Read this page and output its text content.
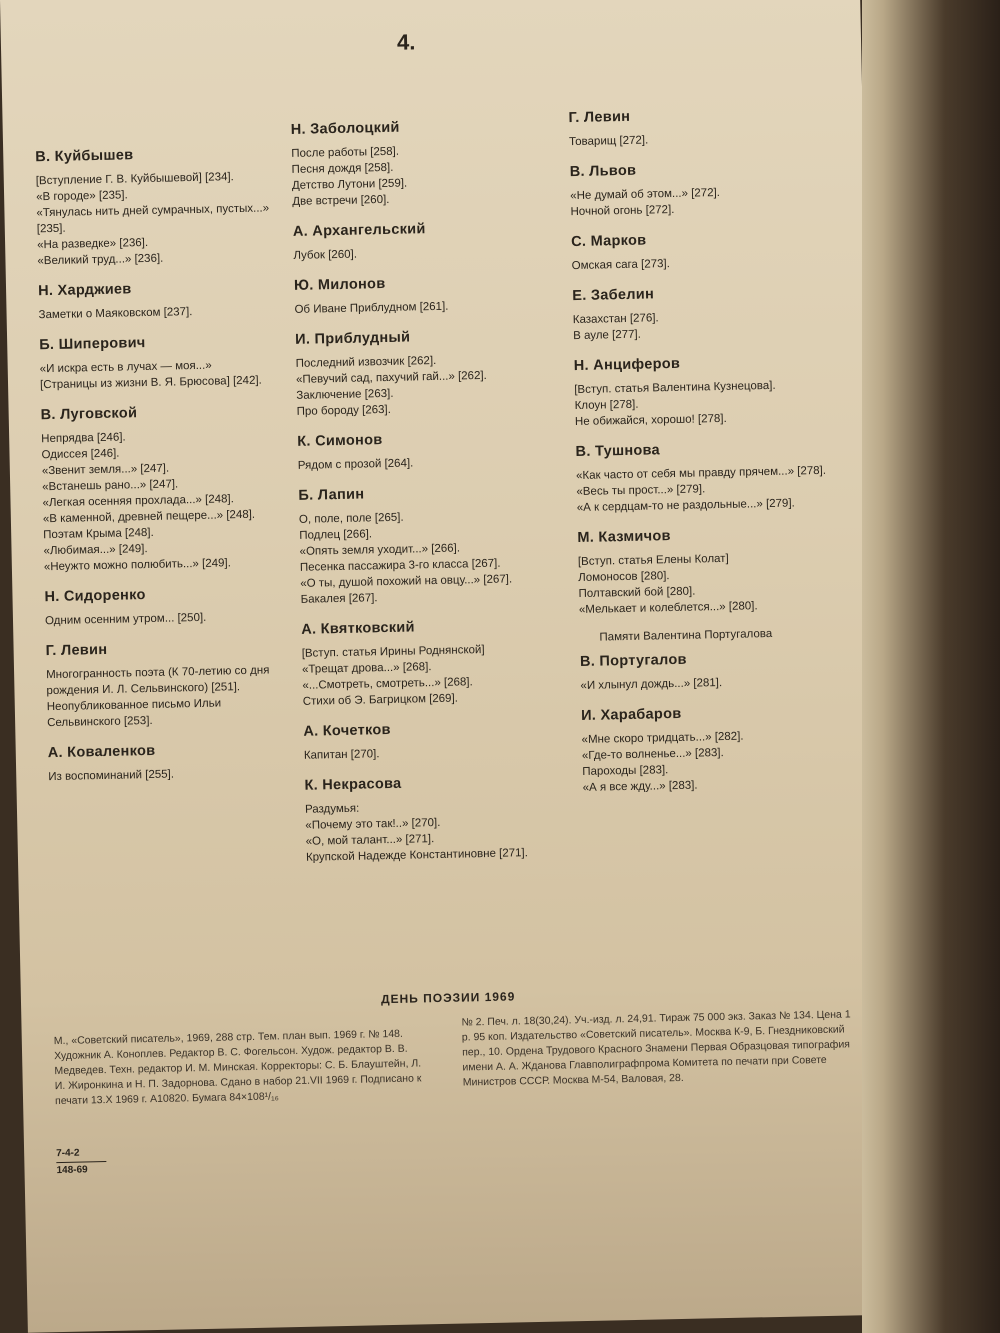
4.
В. Куйбышев
[Вступление Г. В. Куйбышевой] [234].
«В городе» [235].
«Тянулась нить дней сумрачных, пустых...» [235].
«На разведке» [236].
«Великий труд...» [236].
Н. Харджиев
Заметки о Маяковском [237].
Б. Шиперович
«И искра есть в лучах — моя...»
[Страницы из жизни В. Я. Брюсова] [242].
В. Луговской
Непрядва [246].
Одиссея [246].
«Звенит земля...» [247].
«Встанешь рано...» [247].
«Легкая осенняя прохлада...» [248].
«В каменной, древней пещере...» [248].
Поэтам Крыма [248].
«Любимая...» [249].
«Неужто можно полюбить...» [249].
Н. Сидоренко
Одним осенним утром... [250].
Г. Левин
Многогранность поэта (К 70-летию со дня рождения И. Л. Сельвинского) [251].
Неопубликованное письмо Ильи Сельвинского [253].
А. Коваленков
Из воспоминаний [255].
Н. Заболоцкий
После работы [258].
Песня дождя [258].
Детство Лутони [259].
Две встречи [260].
А. Архангельский
Лубок [260].
Ю. Милонов
Об Иване Приблудном [261].
И. Приблудный
Последний извозчик [262].
«Певучий сад, пахучий гай...» [262].
Заключение [263].
Про бороду [263].
К. Симонов
Рядом с прозой [264].
Б. Лапин
О, поле, поле [265].
Подлец [266].
«Опять земля уходит...» [266].
Песенка пассажира 3-го класса [267].
«О ты, душой похожий на овцу...» [267].
Бакалея [267].
А. Квятковский
[Вступ. статья Ирины Роднянской]
«Трещат дрова...» [268].
«...Смотреть, смотреть...» [268].
Стихи об Э. Багрицком [269].
А. Кочетков
Капитан [270].
К. Некрасова
Раздумья:
«Почему это так!..» [270].
«О, мой талант...» [271].
Крупской Надежде Константиновне [271].
Г. Левин
Товарищ [272].
В. Львов
«Не думай об этом...» [272].
Ночной огонь [272].
С. Марков
Омская сага [273].
Е. Забелин
Казахстан [276].
В ауле [277].
Н. Анциферов
[Вступ. статья Валентина Кузнецова].
Клоун [278].
Не обижайся, хорошо! [278].
В. Тушнова
«Как часто от себя мы правду прячем...» [278].
«Весь ты прост...» [279].
«А к сердцам-то не раздольные...» [279].
М. Казмичов
[Вступ. статья Елены Колат]
Ломоносов [280].
Полтавский бой [280].
«Мелькает и колеблется...» [280].
Памяти Валентина Португалова
В. Португалов
«И хлынул дождь...» [281].
И. Харабаров
«Мне скоро тридцать...» [282].
«Где-то волненье...» [283].
Пароходы [283].
«А я все жду...» [283].
ДЕНЬ ПОЭЗИИ 1969
М., «Советский писатель», 1969, 288 стр. Тем. план вып. 1969 г. № 148. Художник А. Коноплев. Редактор В. С. Фогельсон. Худож. редактор В. В. Медведев. Техн. редактор И. М. Минская. Корректоры: С. Б. Блауштейн, Л. И. Жиронкина и Н. П. Задорнова. Сдано в набор 21.VII 1969 г. Подписано к печати 13.X 1969 г. А10820. Бумага 84×108¹/₁₆
№ 2. Печ. л. 18(30,24). Уч.-изд. л. 24,91. Тираж 75 000 экз. Заказ № 134. Цена 1 р. 95 коп. Издательство «Советский писатель». Москва К-9, Б. Гнездниковский пер., 10. Ордена Трудового Красного Знамени Первая Образцовая типография имени А. А. Жданова Главполиграфпрома Комитета по печати при Совете Министров СССР. Москва М-54, Валовая, 28.
7-4-2
148-69
